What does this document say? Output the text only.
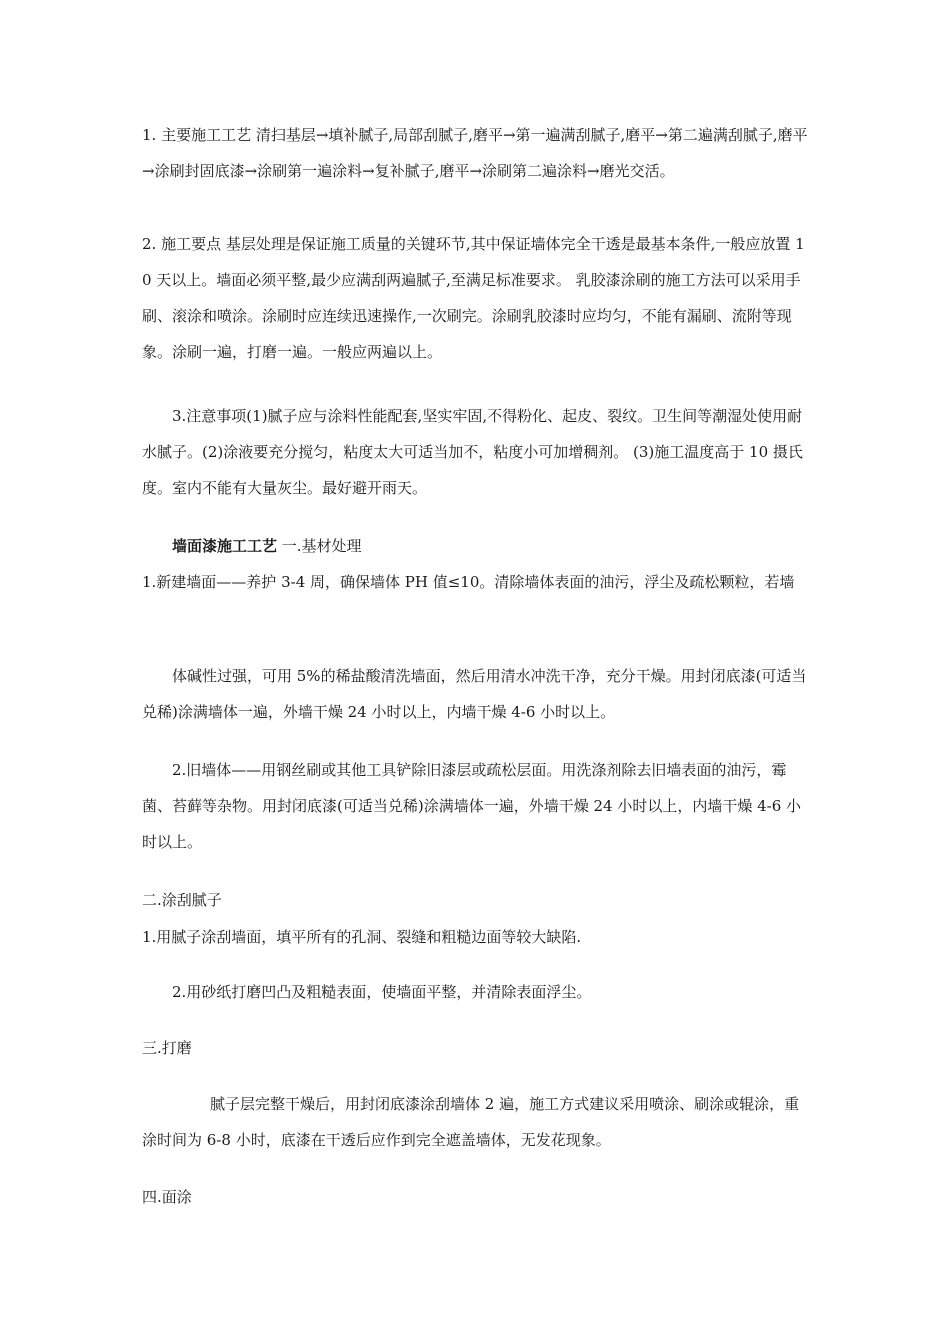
1. 主要施工工艺 清扫基层→填补腻子,局部刮腻子,磨平→第一遍满刮腻子,磨平→第二遍满刮腻子,磨平→涂刷封固底漆→涂刷第一遍涂料→复补腻子,磨平→涂刷第二遍涂料→磨光交活。

2. 施工要点 基层处理是保证施工质量的关键环节,其中保证墙体完全干透是最基本条件,一般应放置 10 天以上。墙面必须平整,最少应满刮两遍腻子,至满足标准要求。 乳胶漆涂刷的施工方法可以采用手刷、滚涂和喷涂。涂刷时应连续迅速操作,一次刷完。涂刷乳胶漆时应均匀，不能有漏刷、流附等现象。涂刷一遍，打磨一遍。一般应两遍以上。

3.注意事项(1)腻子应与涂料性能配套,坚实牢固,不得粉化、起皮、裂纹。卫生间等潮湿处使用耐水腻子。(2)涂液要充分搅匀，粘度太大可适当加不，粘度小可加增稠剂。 (3)施工温度高于 10 摄氏度。室内不能有大量灰尘。最好避开雨天。

墙面漆施工工艺 一.基材处理

1.新建墙面——养护 3-4 周，确保墙体 PH 值≤10。清除墙体表面的油污，浮尘及疏松颗粒，若墙

体碱性过强，可用 5%的稀盐酸清洗墙面，然后用清水冲洗干净，充分干燥。用封闭底漆(可适当兑稀)涂满墙体一遍，外墙干燥 24 小时以上，内墙干燥 4-6 小时以上。

2.旧墙体——用钢丝刷或其他工具铲除旧漆层或疏松层面。用洗涤剂除去旧墙表面的油污，霉菌、苔藓等杂物。用封闭底漆(可适当兑稀)涂满墙体一遍，外墙干燥 24 小时以上，内墙干燥 4-6 小时以上。

二.涂刮腻子

1.用腻子涂刮墙面，填平所有的孔洞、裂缝和粗糙边面等较大缺陷.

2.用砂纸打磨凹凸及粗糙表面，使墙面平整，并清除表面浮尘。

三.打磨

腻子层完整干燥后，用封闭底漆涂刮墙体 2 遍，施工方式建议采用喷涂、刷涂或辊涂，重涂时间为 6-8 小时，底漆在干透后应作到完全遮盖墙体，无发花现象。

四.面涂
